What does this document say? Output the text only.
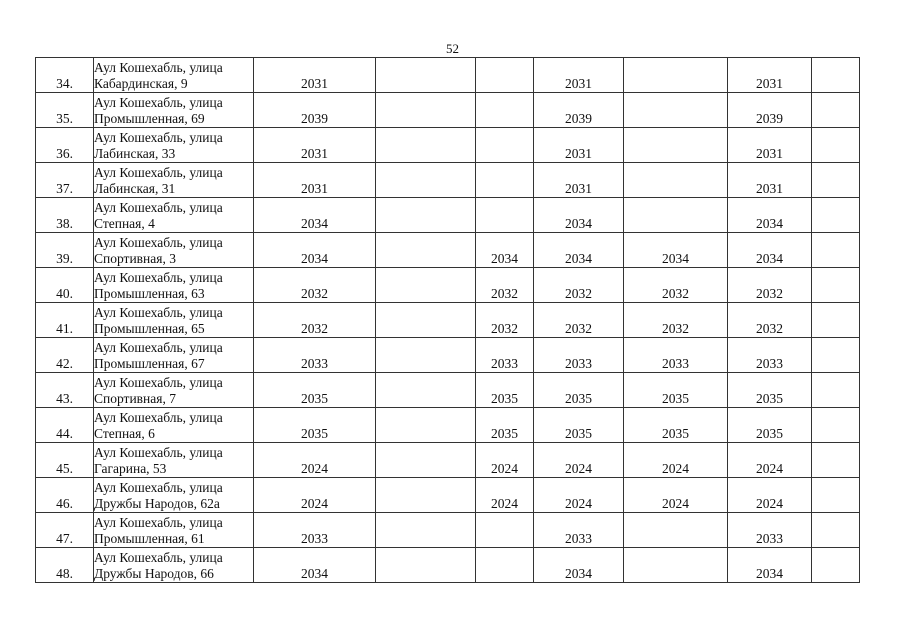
52
34.	Аул Кошехабль, улица
Кабардинская, 9	2031			2031		2031	
35.	Аул Кошехабль, улица
Промышленная, 69	2039			2039		2039	
36.	Аул Кошехабль, улица
Лабинская, 33	2031			2031		2031	
37.	Аул Кошехабль, улица
Лабинская, 31	2031			2031		2031	
38.	Аул Кошехабль, улица
Степная, 4	2034			2034		2034	
39.	Аул Кошехабль, улица
Спортивная, 3	2034		2034	2034	2034	2034	
40.	Аул Кошехабль, улица
Промышленная, 63	2032		2032	2032	2032	2032	
41.	Аул Кошехабль, улица
Промышленная, 65	2032		2032	2032	2032	2032	
42.	Аул Кошехабль, улица
Промышленная, 67	2033		2033	2033	2033	2033	
43.	Аул Кошехабль, улица
Спортивная, 7	2035		2035	2035	2035	2035	
44.	Аул Кошехабль, улица
Степная, 6	2035		2035	2035	2035	2035	
45.	Аул Кошехабль, улица
Гагарина, 53	2024		2024	2024	2024	2024	
46.	Аул Кошехабль, улица
Дружбы Народов, 62а	2024		2024	2024	2024	2024	
47.	Аул Кошехабль, улица
Промышленная, 61	2033			2033		2033	
48.	Аул Кошехабль, улица
Дружбы Народов, 66	2034			2034		2034	
